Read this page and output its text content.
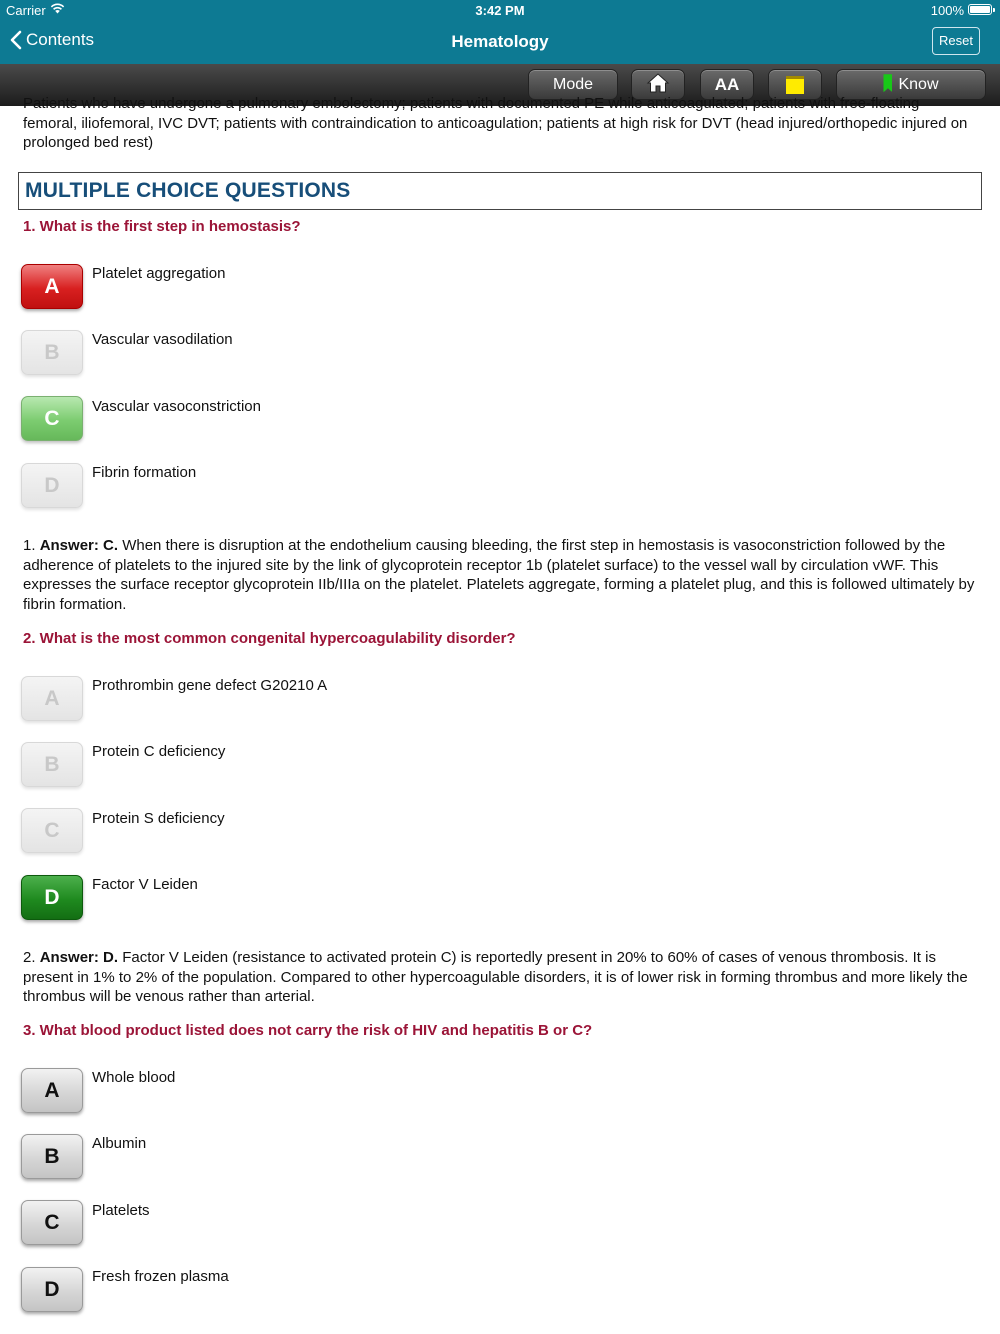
Carrier	3:42 PM	100%
Contents	Hematology	Reset
Mode	AA	Know

Patients who have undergone a pulmonary embolectomy; patients with documented PE while anticoagulated; patients with free-floating femoral, iliofemoral, IVC DVT; patients with contraindication to anticoagulation; patients at high risk for DVT (head injured/orthopedic injured on prolonged bed rest)

MULTIPLE CHOICE QUESTIONS
1. What is the first step in hemostasis?
A
Platelet aggregation
B
Vascular vasodilation
C
Vascular vasoconstriction
D
Fibrin formation

1. Answer: C. When there is disruption at the endothelium causing bleeding, the first step in hemostasis is vasoconstriction followed by the adherence of platelets to the injured site by the link of glycoprotein receptor 1b (platelet surface) to the vessel wall by circulation vWF. This expresses the surface receptor glycoprotein IIb/IIIa on the platelet. Platelets aggregate, forming a platelet plug, and this is followed ultimately by fibrin formation.

2. What is the most common congenital hypercoagulability disorder?
A
Prothrombin gene defect G20210 A
B
Protein C deficiency
C
Protein S deficiency
D
Factor V Leiden

2. Answer: D. Factor V Leiden (resistance to activated protein C) is reportedly present in 20% to 60% of cases of venous thrombosis. It is present in 1% to 2% of the population. Compared to other hypercoagulable disorders, it is of lower risk in forming thrombus and more likely the thrombus will be venous rather than arterial.

3. What blood product listed does not carry the risk of HIV and hepatitis B or C?
A
Whole blood
B
Albumin
C
Platelets
D
Fresh frozen plasma
